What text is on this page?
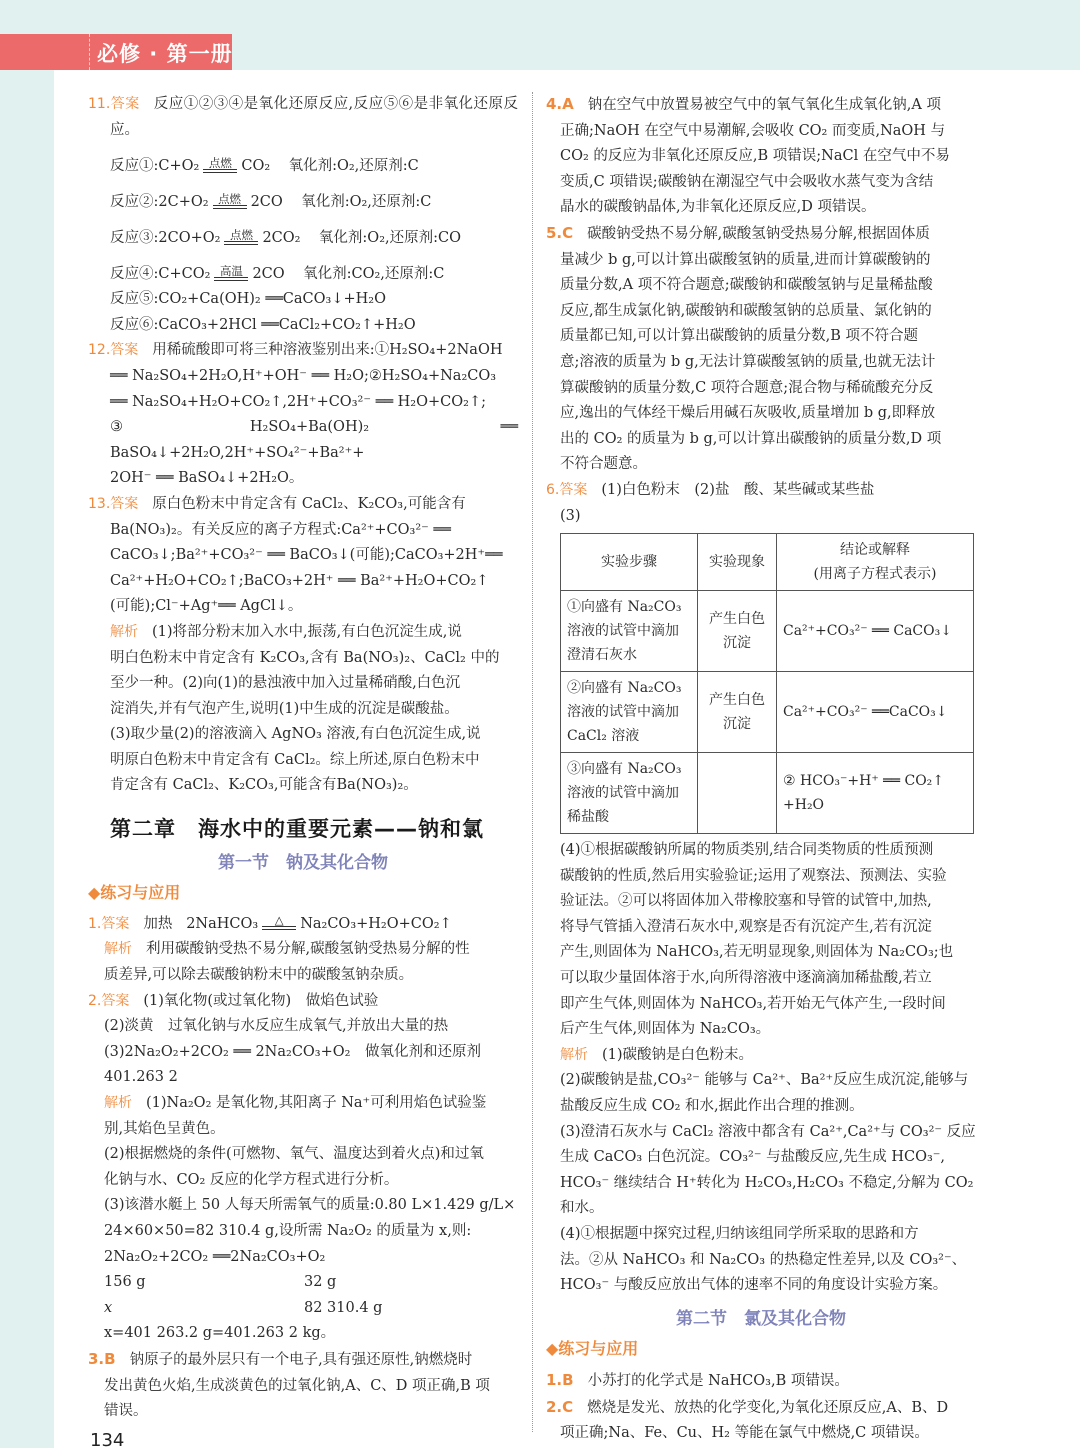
必修 · 第一册

11.答案 反应①②③④是氧化还原反应,反应⑤⑥是非氧化还原反应。

反应①: C+O₂ 点燃 CO₂
氧化剂:O₂,还原剂:C
反应②: 2C+O₂ 点燃 2CO
氧化剂:O₂,还原剂:C
反应③: 2CO+O₂ 点燃 2CO₂
氧化剂:O₂,还原剂:CO
反应④: C+CO₂ 高温 2CO
氧化剂:CO₂,还原剂:C
反应⑤: CO₂+Ca(OH)₂ ══CaCO₃↓+H₂O
反应⑥: CaCO₃+2HCl ══CaCl₂+CO₂↑+H₂O

12.答案 用稀硫酸即可将三种溶液鉴别出来:①H₂SO₄+2NaOH

══ Na₂SO₄+2H₂O,H⁺+OH⁻ ══ H₂O;②H₂SO₄+Na₂CO₃

══ Na₂SO₄+H₂O+CO₂↑,2H⁺+CO₃²⁻ ══ H₂O+CO₂↑;

③H₂SO₄+Ba(OH)₂ ══ BaSO₄↓+2H₂O,2H⁺+SO₄²⁻+Ba²⁺+

2OH⁻ ══ BaSO₄↓+2H₂O。

13.答案 原白色粉末中肯定含有 CaCl₂、K₂CO₃,可能含有

Ba(NO₃)₂。有关反应的离子方程式:Ca²⁺+CO₃²⁻ ══

CaCO₃↓;Ba²⁺+CO₃²⁻ ══ BaCO₃↓(可能);CaCO₃+2H⁺══

Ca²⁺+H₂O+CO₂↑;BaCO₃+2H⁺ ══ Ba²⁺+H₂O+CO₂↑

(可能);Cl⁻+Ag⁺══ AgCl↓。

解析 (1)将部分粉末加入水中,振荡,有白色沉淀生成,说

明白色粉末中肯定含有 K₂CO₃,含有 Ba(NO₃)₂、CaCl₂ 中的

至少一种。(2)向(1)的悬浊液中加入过量稀硝酸,白色沉

淀消失,并有气泡产生,说明(1)中生成的沉淀是碳酸盐。

(3)取少量(2)的溶液滴入 AgNO₃ 溶液,有白色沉淀生成,说

明原白色粉末中肯定含有 CaCl₂。综上所述,原白色粉末中

肯定含有 CaCl₂、K₂CO₃,可能含有Ba(NO₃)₂。

第二章　海水中的重要元素——钠和氯
第一节　钠及其化合物
◆练习与应用

1.答案 加热 2NaHCO₃ △ Na₂CO₃+H₂O+CO₂↑

解析 利用碳酸钠受热不易分解,碳酸氢钠受热易分解的性

质差异,可以除去碳酸钠粉末中的碳酸氢钠杂质。

2.答案 (1)氧化物(或过氧化物)　做焰色试验

(2)淡黄　过氧化钠与水反应生成氧气,并放出大量的热

(3)2Na₂O₂+2CO₂ ══ 2Na₂CO₃+O₂　做氧化剂和还原剂

401.263 2

解析 (1)Na₂O₂ 是氧化物,其阳离子 Na⁺可利用焰色试验鉴

别,其焰色呈黄色。

(2)根据燃烧的条件(可燃物、氧气、温度达到着火点)和过氧

化钠与水、CO₂ 反应的化学方程式进行分析。

(3)该潜水艇上 50 人每天所需氧气的质量:0.80 L×1.429 g/L×

24×60×50=82 310.4 g,设所需 Na₂O₂ 的质量为 x,则:

2Na₂O₂+2CO₂ ══2Na₂CO₃+O₂

156 g	32 g
x	82 310.4 g

x=401 263.2 g=401.263 2 kg。

3.B 钠原子的最外层只有一个电子,具有强还原性,钠燃烧时

发出黄色火焰,生成淡黄色的过氧化钠,A、C、D 项正确,B 项

错误。

4.A 钠在空气中放置易被空气中的氧气氧化生成氧化钠,A 项

正确;NaOH 在空气中易潮解,会吸收 CO₂ 而变质,NaOH 与

CO₂ 的反应为非氧化还原反应,B 项错误;NaCl 在空气中不易

变质,C 项错误;碳酸钠在潮湿空气中会吸收水蒸气变为含结

晶水的碳酸钠晶体,为非氧化还原反应,D 项错误。

5.C 碳酸钠受热不易分解,碳酸氢钠受热易分解,根据固体质

量减少 b g,可以计算出碳酸氢钠的质量,进而计算碳酸钠的

质量分数,A 项不符合题意;碳酸钠和碳酸氢钠与足量稀盐酸

反应,都生成氯化钠,碳酸钠和碳酸氢钠的总质量、氯化钠的

质量都已知,可以计算出碳酸钠的质量分数,B 项不符合题

意;溶液的质量为 b g,无法计算碳酸氢钠的质量,也就无法计

算碳酸钠的质量分数,C 项符合题意;混合物与稀硫酸充分反

应,逸出的气体经干燥后用碱石灰吸收,质量增加 b g,即释放

出的 CO₂ 的质量为 b g,可以计算出碳酸钠的质量分数,D 项

不符合题意。

6.答案 (1)白色粉末　(2)盐　酸、某些碱或某些盐

(3)

实验步骤	实验现象	结论或解释
(用离子方程式表示)

①向盛有 Na₂CO₃ 溶液的试管中滴加澄清石灰水	产生白色沉淀	Ca²⁺+CO₃²⁻ ══ CaCO₃↓
②向盛有 Na₂CO₃ 溶液的试管中滴加 CaCl₂ 溶液	产生白色沉淀	Ca²⁺+CO₃²⁻ ══CaCO₃↓
③向盛有 Na₂CO₃ 溶液的试管中滴加稀盐酸		② HCO₃⁻+H⁺ ══ CO₂↑ +H₂O

(4)①根据碳酸钠所属的物质类别,结合同类物质的性质预测

碳酸钠的性质,然后用实验验证;运用了观察法、预测法、实验

验证法。②可以将固体加入带橡胶塞和导管的试管中,加热,

将导气管插入澄清石灰水中,观察是否有沉淀产生,若有沉淀

产生,则固体为 NaHCO₃,若无明显现象,则固体为 Na₂CO₃;也

可以取少量固体溶于水,向所得溶液中逐滴滴加稀盐酸,若立

即产生气体,则固体为 NaHCO₃,若开始无气体产生,一段时间

后产生气体,则固体为 Na₂CO₃。

解析 (1)碳酸钠是白色粉末。

(2)碳酸钠是盐,CO₃²⁻ 能够与 Ca²⁺、Ba²⁺反应生成沉淀,能够与

盐酸反应生成 CO₂ 和水,据此作出合理的推测。

(3)澄清石灰水与 CaCl₂ 溶液中都含有 Ca²⁺,Ca²⁺与 CO₃²⁻ 反应

生成 CaCO₃ 白色沉淀。CO₃²⁻ 与盐酸反应,先生成 HCO₃⁻,

HCO₃⁻ 继续结合 H⁺转化为 H₂CO₃,H₂CO₃ 不稳定,分解为 CO₂

和水。

(4)①根据题中探究过程,归纳该组同学所采取的思路和方

法。②从 NaHCO₃ 和 Na₂CO₃ 的热稳定性差异,以及 CO₃²⁻、

HCO₃⁻ 与酸反应放出气体的速率不同的角度设计实验方案。

第二节　氯及其化合物
◆练习与应用

1.B 小苏打的化学式是 NaHCO₃,B 项错误。

2.C 燃烧是发光、放热的化学变化,为氧化还原反应,A、B、D

项正确;Na、Fe、Cu、H₂ 等能在氯气中燃烧,C 项错误。

134
